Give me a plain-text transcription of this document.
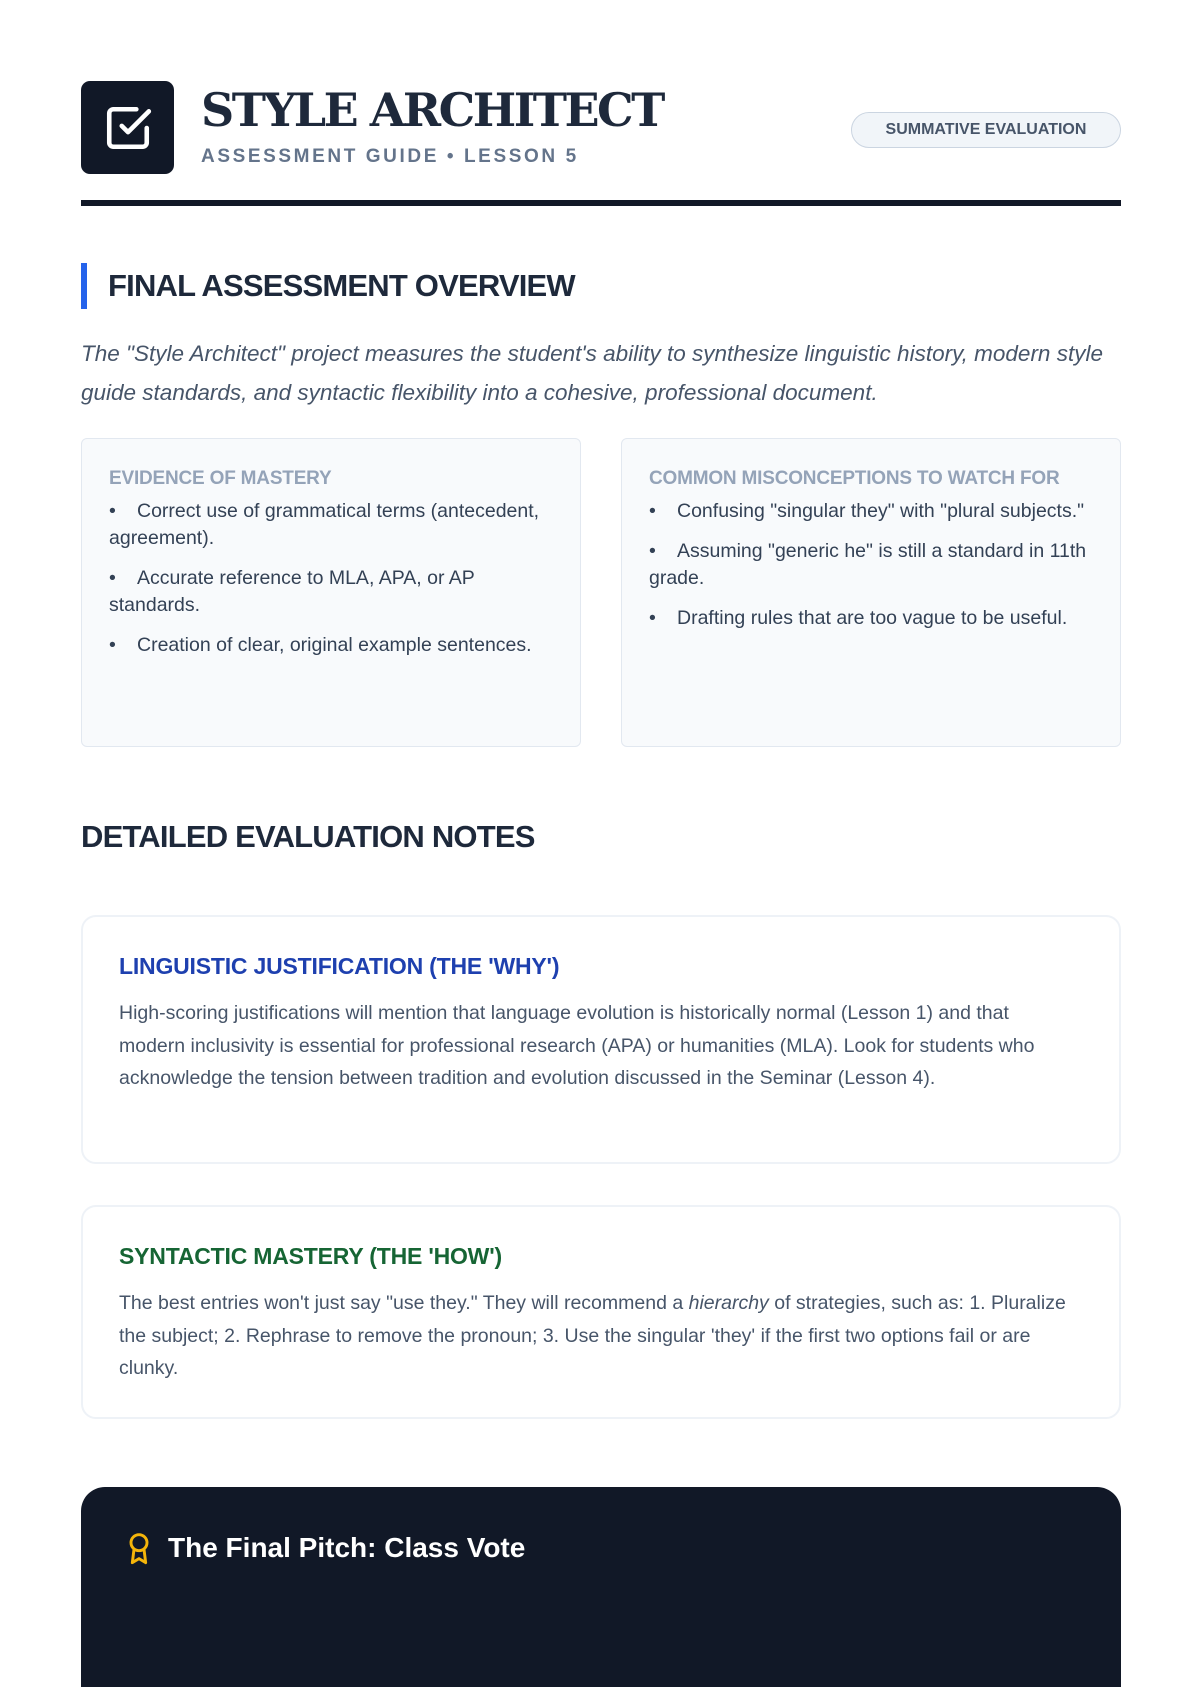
STYLE ARCHITECT
ASSESSMENT GUIDE • LESSON 5
SUMMATIVE EVALUATION
FINAL ASSESSMENT OVERVIEW

The "Style Architect" project measures the student's ability to synthesize linguistic history, modern style guide standards, and syntactic flexibility into a cohesive, professional document.

EVIDENCE OF MASTERY
• Correct use of grammatical terms (antecedent, agreement).
• Accurate reference to MLA, APA, or AP standards.
• Creation of clear, original example sentences.
COMMON MISCONCEPTIONS TO WATCH FOR
• Confusing "singular they" with "plural subjects."
• Assuming "generic he" is still a standard in 11th grade.
• Drafting rules that are too vague to be useful.
DETAILED EVALUATION NOTES
LINGUISTIC JUSTIFICATION (THE 'WHY')

High-scoring justifications will mention that language evolution is historically normal (Lesson 1) and that modern inclusivity is essential for professional research (APA) or humanities (MLA). Look for students who acknowledge the tension between tradition and evolution discussed in the Seminar (Lesson 4).

SYNTACTIC MASTERY (THE 'HOW')

The best entries won't just say "use they." They will recommend a hierarchy of strategies, such as: 1. Pluralize the subject; 2. Rephrase to remove the pronoun; 3. Use the singular 'they' if the first two options fail or are clunky.

The Final Pitch: Class Vote
